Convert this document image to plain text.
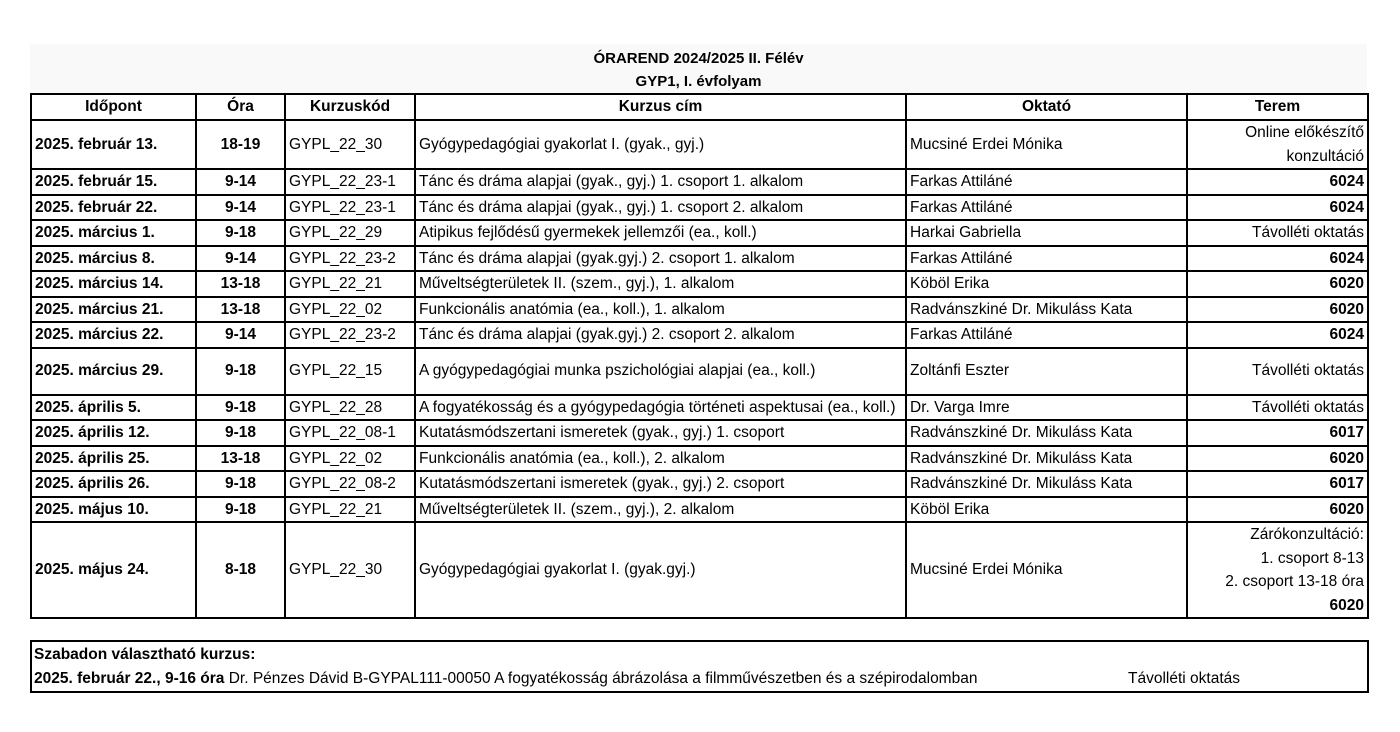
ÓRAREND 2024/2025 II. Félév
GYP1, I. évfolyam
Időpont	Óra	Kurzuskód	Kurzus cím	Oktató	Terem
2025. február 13.	18-19	GYPL_22_30	Gyógypedagógiai gyakorlat I. (gyak., gyj.)	Mucsiné Erdei Mónika	Online előkészítő
konzultáció

2025. február 15.	9-14	GYPL_22_23-1	Tánc és dráma alapjai (gyak., gyj.) 1. csoport 1. alkalom	Farkas Attiláné	6024

2025. február 22.	9-14	GYPL_22_23-1	Tánc és dráma alapjai (gyak., gyj.) 1. csoport 2. alkalom	Farkas Attiláné	6024

2025. március 1.	9-18	GYPL_22_29	Atipikus fejlődésű gyermekek jellemzői (ea., koll.)	Harkai Gabriella	Távolléti oktatás

2025. március 8.	9-14	GYPL_22_23-2	Tánc és dráma alapjai (gyak.gyj.) 2. csoport 1. alkalom	Farkas Attiláné	6024

2025. március 14.	13-18	GYPL_22_21	Műveltségterületek II. (szem., gyj.), 1. alkalom	Köböl Erika	6020

2025. március 21.	13-18	GYPL_22_02	Funkcionális anatómia (ea., koll.), 1. alkalom	Radvánszkiné Dr. Mikuláss Kata	6020

2025. március 22.	9-14	GYPL_22_23-2	Tánc és dráma alapjai (gyak.gyj.) 2. csoport 2. alkalom	Farkas Attiláné	6024

2025. március 29.	9-18	GYPL_22_15	A gyógypedagógiai munka pszichológiai alapjai (ea., koll.)	Zoltánfi Eszter	Távolléti oktatás

2025. április 5.	9-18	GYPL_22_28	A fogyatékosság és a gyógypedagógia történeti aspektusai (ea., koll.)	Dr. Varga Imre	Távolléti oktatás

2025. április 12.	9-18	GYPL_22_08-1	Kutatásmódszertani ismeretek (gyak., gyj.) 1. csoport	Radvánszkiné Dr. Mikuláss Kata	6017

2025. április 25.	13-18	GYPL_22_02	Funkcionális anatómia (ea., koll.), 2. alkalom	Radvánszkiné Dr. Mikuláss Kata	6020

2025. április 26.	9-18	GYPL_22_08-2	Kutatásmódszertani ismeretek (gyak., gyj.) 2. csoport	Radvánszkiné Dr. Mikuláss Kata	6017

2025. május 10.	9-18	GYPL_22_21	Műveltségterületek II. (szem., gyj.), 2. alkalom	Köböl Erika	6020

2025. május 24.	8-18	GYPL_22_30	Gyógypedagógiai gyakorlat I. (gyak.gyj.)	Mucsiné Erdei Mónika	Zárókonzultáció:
1. csoport 8-13
2. csoport 13-18 óra
6020
Szabadon választható kurzus:
2025. február 22., 9-16 óra Dr. Pénzes Dávid B-GYPAL111-00050 A fogyatékosság ábrázolása a filmművészetben és a szépirodalomban	Távolléti oktatás
